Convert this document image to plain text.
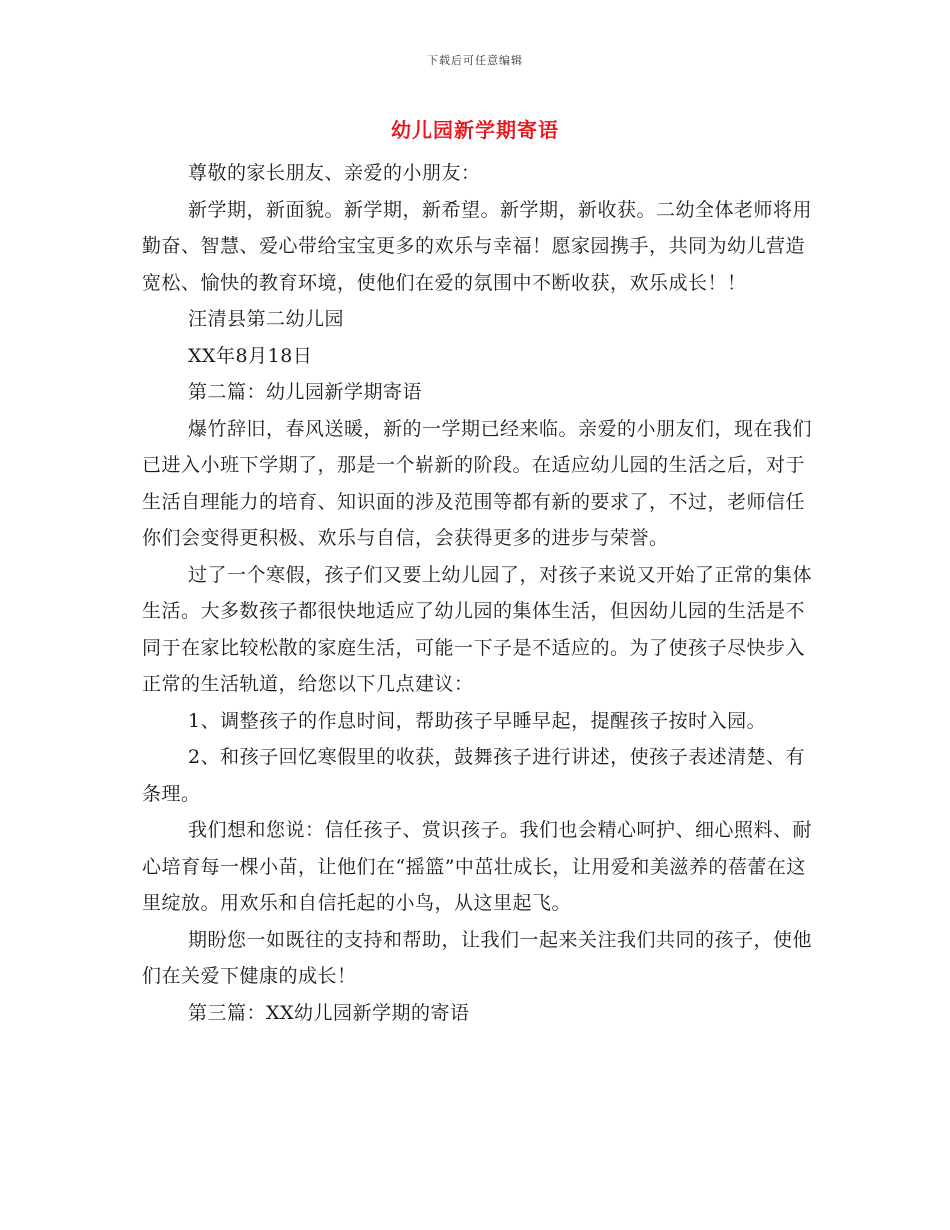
下载后可任意编辑
幼儿园新学期寄语

尊敬的家长朋友、亲爱的小朋友：

新学期，新面貌。新学期，新希望。新学期，新收获。二幼全体老师将用勤奋、智慧、爱心带给宝宝更多的欢乐与幸福！愿家园携手，共同为幼儿营造宽松、愉快的教育环境，使他们在爱的氛围中不断收获，欢乐成长！！

汪清县第二幼儿园

XX年8月18日

第二篇：幼儿园新学期寄语

爆竹辞旧，春风送暖，新的一学期已经来临。亲爱的小朋友们，现在我们已进入小班下学期了，那是一个崭新的阶段。在适应幼儿园的生活之后，对于生活自理能力的培育、知识面的涉及范围等都有新的要求了，不过，老师信任你们会变得更积极、欢乐与自信，会获得更多的进步与荣誉。

过了一个寒假，孩子们又要上幼儿园了，对孩子来说又开始了正常的集体生活。大多数孩子都很快地适应了幼儿园的集体生活，但因幼儿园的生活是不同于在家比较松散的家庭生活，可能一下子是不适应的。为了使孩子尽快步入正常的生活轨道，给您以下几点建议：

1、调整孩子的作息时间，帮助孩子早睡早起，提醒孩子按时入园。

2、和孩子回忆寒假里的收获，鼓舞孩子进行讲述，使孩子表述清楚、有条理。

我们想和您说：信任孩子、赏识孩子。我们也会精心呵护、细心照料、耐心培育每一棵小苗，让他们在“摇篮”中茁壮成长，让用爱和美滋养的蓓蕾在这里绽放。用欢乐和自信托起的小鸟，从这里起飞。

期盼您一如既往的支持和帮助，让我们一起来关注我们共同的孩子，使他们在关爱下健康的成长！

第三篇：XX幼儿园新学期的寄语
